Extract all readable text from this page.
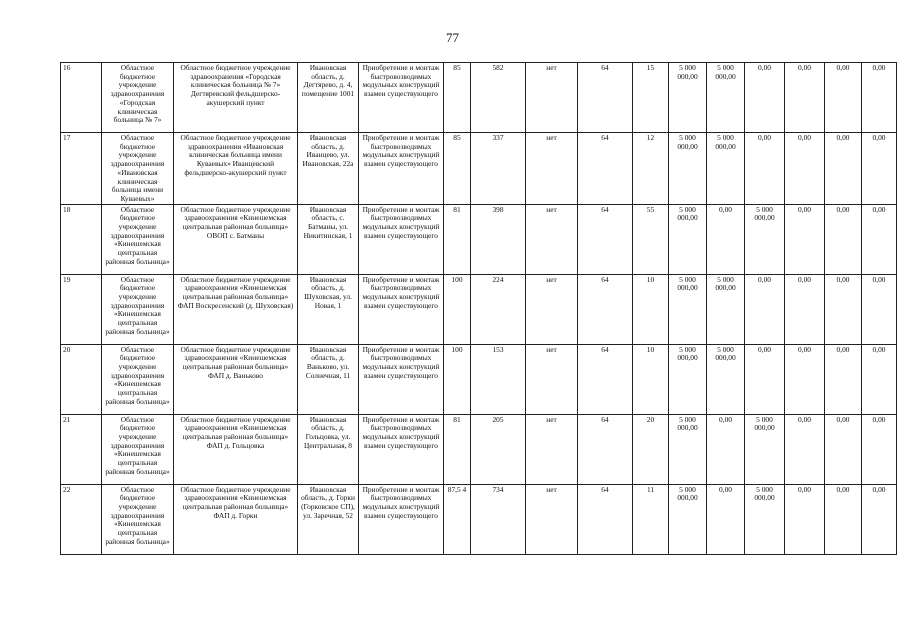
77
16	Областное бюджетное учреждение здравоохранения «Городская клиническая больница № 7»	Областное бюджетное учреждение здравоохранения «Городская клиническая больница № 7» Дегтяревский фельдшерско-акушерский пункт	Ивановская область, д. Дегтярево, д. 4, помещение 1001	Приобретение и монтаж быстровозводимых модульных конструкций взамен существующего	85	582	нет	64	15	5 000 000,00	5 000 000,00	0,00	0,00	0,00	0,00
17	Областное бюджетное учреждение здравоохранения «Ивановская клиническая больница имени Куваевых»	Областное бюджетное учреждение здравоохранения «Ивановская клиническая больница имени Куваевых» Иванцевский фельдшерско-акушерский пункт	Ивановская область, д. Иванцево, ул. Ивановская, 22а	Приобретение и монтаж быстровозводимых модульных конструкций взамен существующего	85	337	нет	64	12	5 000 000,00	5 000 000,00	0,00	0,00	0,00	0,00
18	Областное бюджетное учреждение здравоохранения «Кинешемская центральная районная больница»	Областное бюджетное учреждение здравоохранения «Кинешемская центральная районная больница» ОВОП с. Батманы	Ивановская область, с. Батманы, ул. Никитинская, 1	Приобретение и монтаж быстровозводимых модульных конструкций взамен существующего	81	398	нет	64	55	5 000 000,00	0,00	5 000 000,00	0,00	0,00	0,00
19	Областное бюджетное учреждение здравоохранения «Кинешемская центральная районная больница»	Областное бюджетное учреждение здравоохранения «Кинешемская центральная районная больница» ФАП Воскресенский (д. Шуховская)	Ивановская область, д. Шуховская, ул. Новая, 1	Приобретение и монтаж быстровозводимых модульных конструкций взамен существующего	100	224	нет	64	10	5 000 000,00	5 000 000,00	0,00	0,00	0,00	0,00
20	Областное бюджетное учреждение здравоохранения «Кинешемская центральная районная больница»	Областное бюджетное учреждение здравоохранения «Кинешемская центральная районная больница» ФАП д. Ваньково	Ивановская область, д. Ваньково, ул. Солнечная, 11	Приобретение и монтаж быстровозводимых модульных конструкций взамен существующего	100	153	нет	64	10	5 000 000,00	5 000 000,00	0,00	0,00	0,00	0,00
21	Областное бюджетное учреждение здравоохранения «Кинешемская центральная районная больница»	Областное бюджетное учреждение здравоохранения «Кинешемская центральная районная больница» ФАП д. Гольцовка	Ивановская область, д. Гольцовка, ул. Центральная, 8	Приобретение и монтаж быстровозводимых модульных конструкций взамен существующего	81	205	нет	64	20	5 000 000,00	0,00	5 000 000,00	0,00	0,00	0,00
22	Областное бюджетное учреждение здравоохранения «Кинешемская центральная районная больница»	Областное бюджетное учреждение здравоохранения «Кинешемская центральная районная больница» ФАП д. Горки	Ивановская область, д. Горки (Горковское СП), ул. Заречная, 52	Приобретение и монтаж быстровозводимых модульных конструкций взамен существующего	87,5 4	734	нет	64	11	5 000 000,00	0,00	5 000 000,00	0,00	0,00	0,00
